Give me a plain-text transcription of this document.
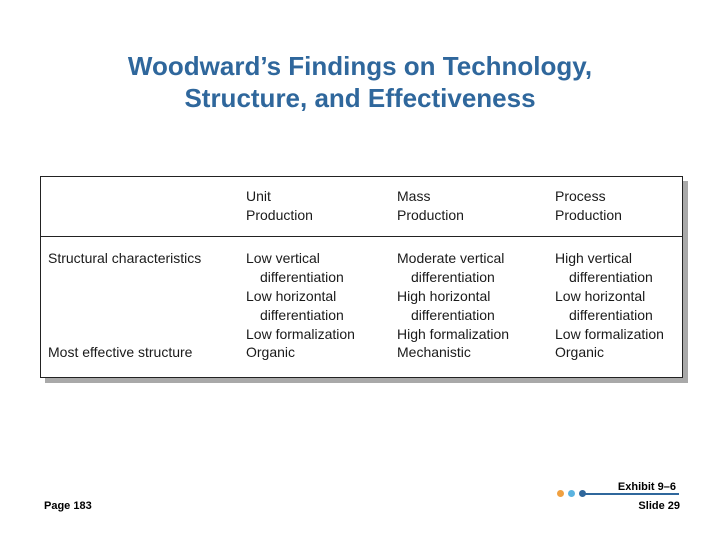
Woodward’s Findings on Technology,
Structure, and Effectiveness
Unit
Production
Mass
Production
Process
Production
Structural characteristics
Most effective structure
Low vertical
differentiation
Low horizontal
differentiation
Low formalization
Moderate vertical
differentiation
High horizontal
differentiation
High formalization
High vertical
differentiation
Low horizontal
differentiation
Low formalization
Organic	Mechanistic	Organic
Page 183
Exhibit 9–6
Slide 29
